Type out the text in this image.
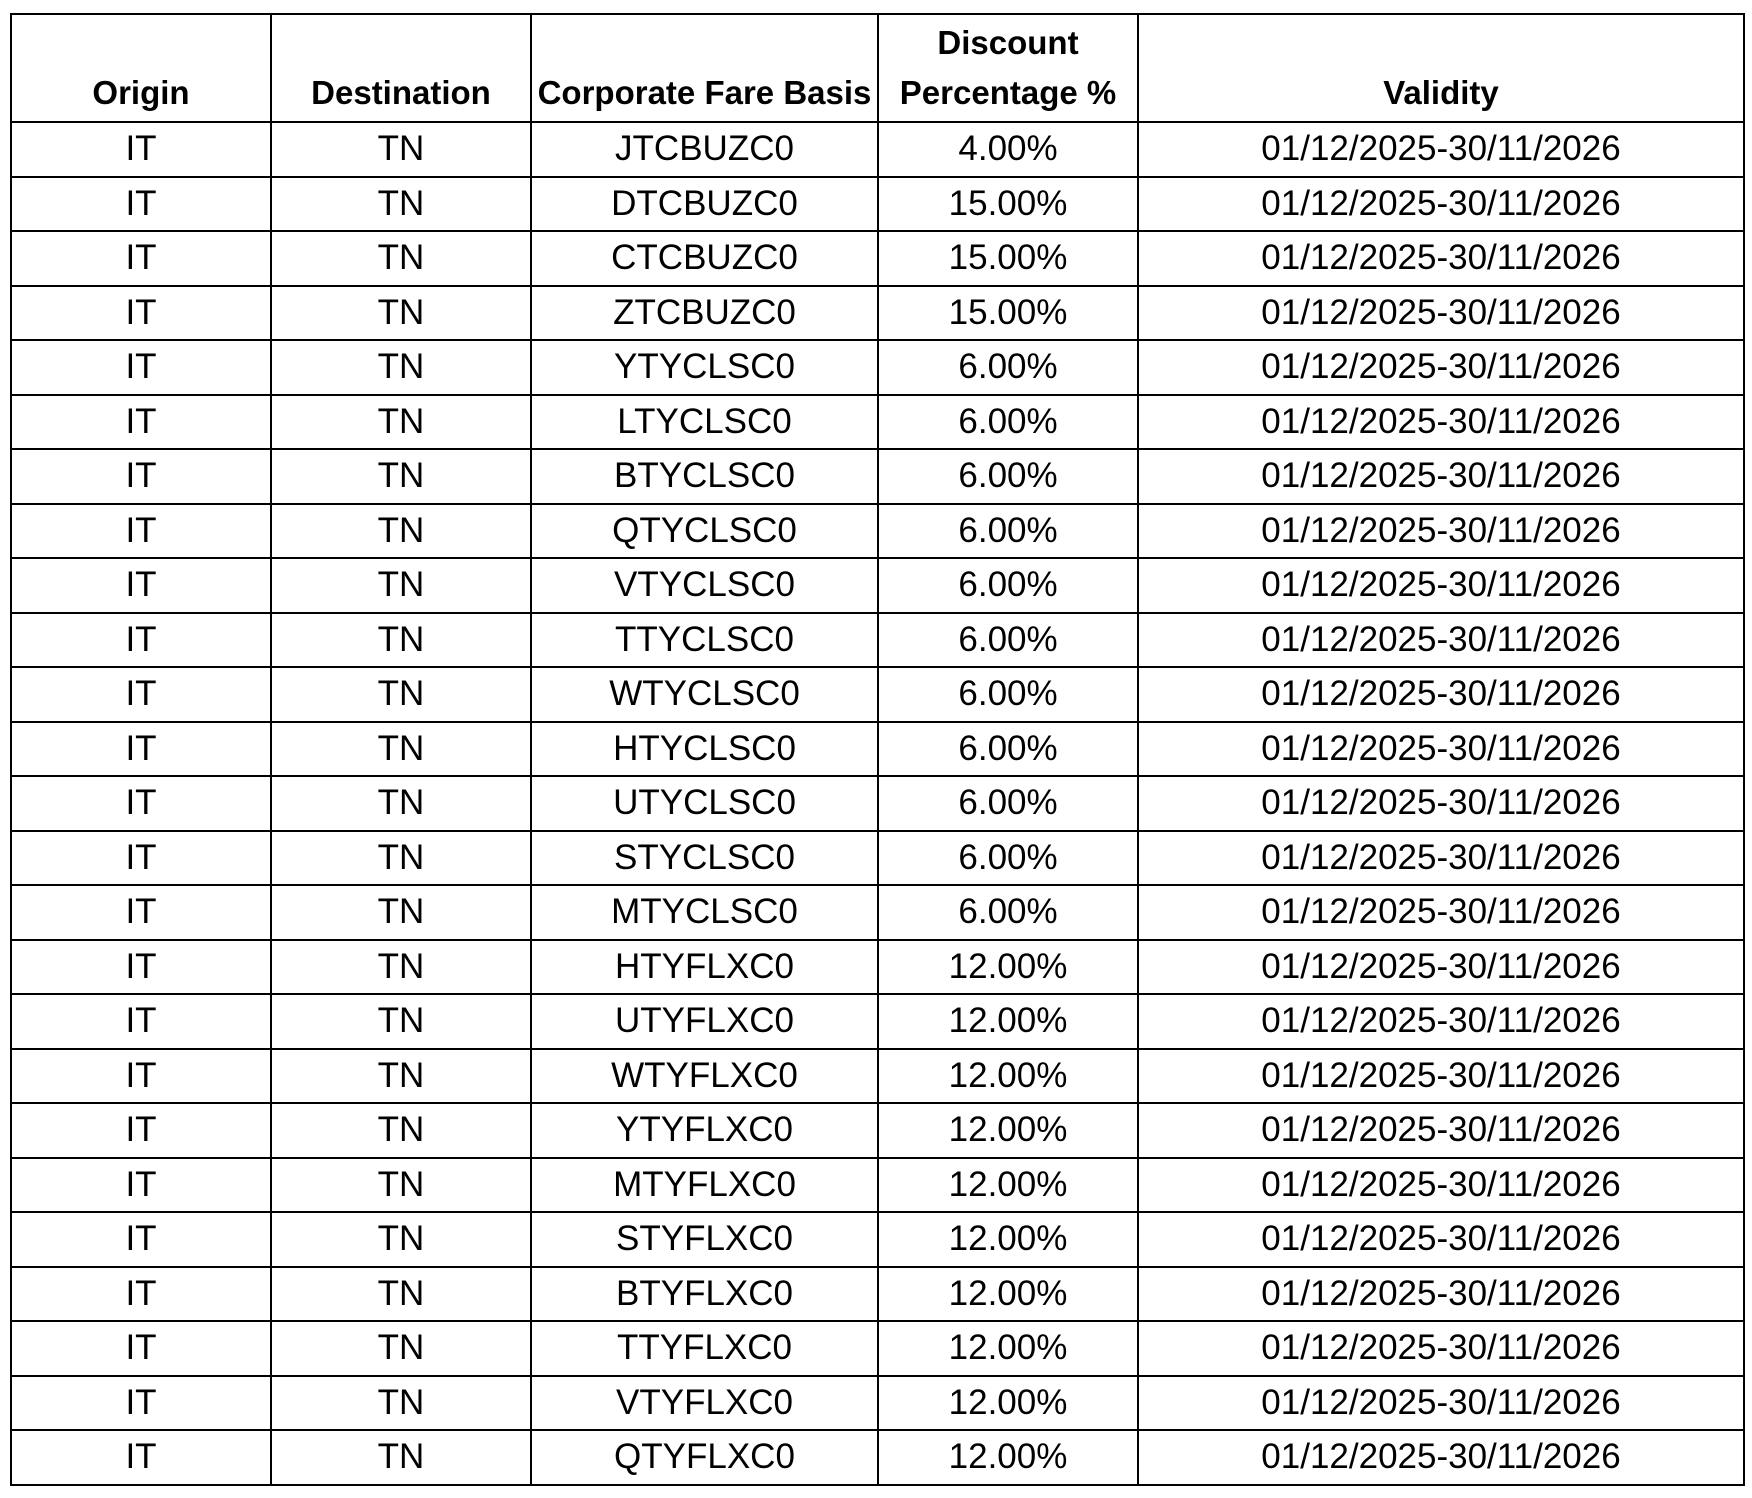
Origin	Destination	Corporate Fare Basis	Discount Percentage %	Validity
IT	TN	JTCBUZC0	4.00%	01/12/2025-30/11/2026
IT	TN	DTCBUZC0	15.00%	01/12/2025-30/11/2026
IT	TN	CTCBUZC0	15.00%	01/12/2025-30/11/2026
IT	TN	ZTCBUZC0	15.00%	01/12/2025-30/11/2026
IT	TN	YTYCLSC0	6.00%	01/12/2025-30/11/2026
IT	TN	LTYCLSC0	6.00%	01/12/2025-30/11/2026
IT	TN	BTYCLSC0	6.00%	01/12/2025-30/11/2026
IT	TN	QTYCLSC0	6.00%	01/12/2025-30/11/2026
IT	TN	VTYCLSC0	6.00%	01/12/2025-30/11/2026
IT	TN	TTYCLSC0	6.00%	01/12/2025-30/11/2026
IT	TN	WTYCLSC0	6.00%	01/12/2025-30/11/2026
IT	TN	HTYCLSC0	6.00%	01/12/2025-30/11/2026
IT	TN	UTYCLSC0	6.00%	01/12/2025-30/11/2026
IT	TN	STYCLSC0	6.00%	01/12/2025-30/11/2026
IT	TN	MTYCLSC0	6.00%	01/12/2025-30/11/2026
IT	TN	HTYFLXC0	12.00%	01/12/2025-30/11/2026
IT	TN	UTYFLXC0	12.00%	01/12/2025-30/11/2026
IT	TN	WTYFLXC0	12.00%	01/12/2025-30/11/2026
IT	TN	YTYFLXC0	12.00%	01/12/2025-30/11/2026
IT	TN	MTYFLXC0	12.00%	01/12/2025-30/11/2026
IT	TN	STYFLXC0	12.00%	01/12/2025-30/11/2026
IT	TN	BTYFLXC0	12.00%	01/12/2025-30/11/2026
IT	TN	TTYFLXC0	12.00%	01/12/2025-30/11/2026
IT	TN	VTYFLXC0	12.00%	01/12/2025-30/11/2026
IT	TN	QTYFLXC0	12.00%	01/12/2025-30/11/2026
